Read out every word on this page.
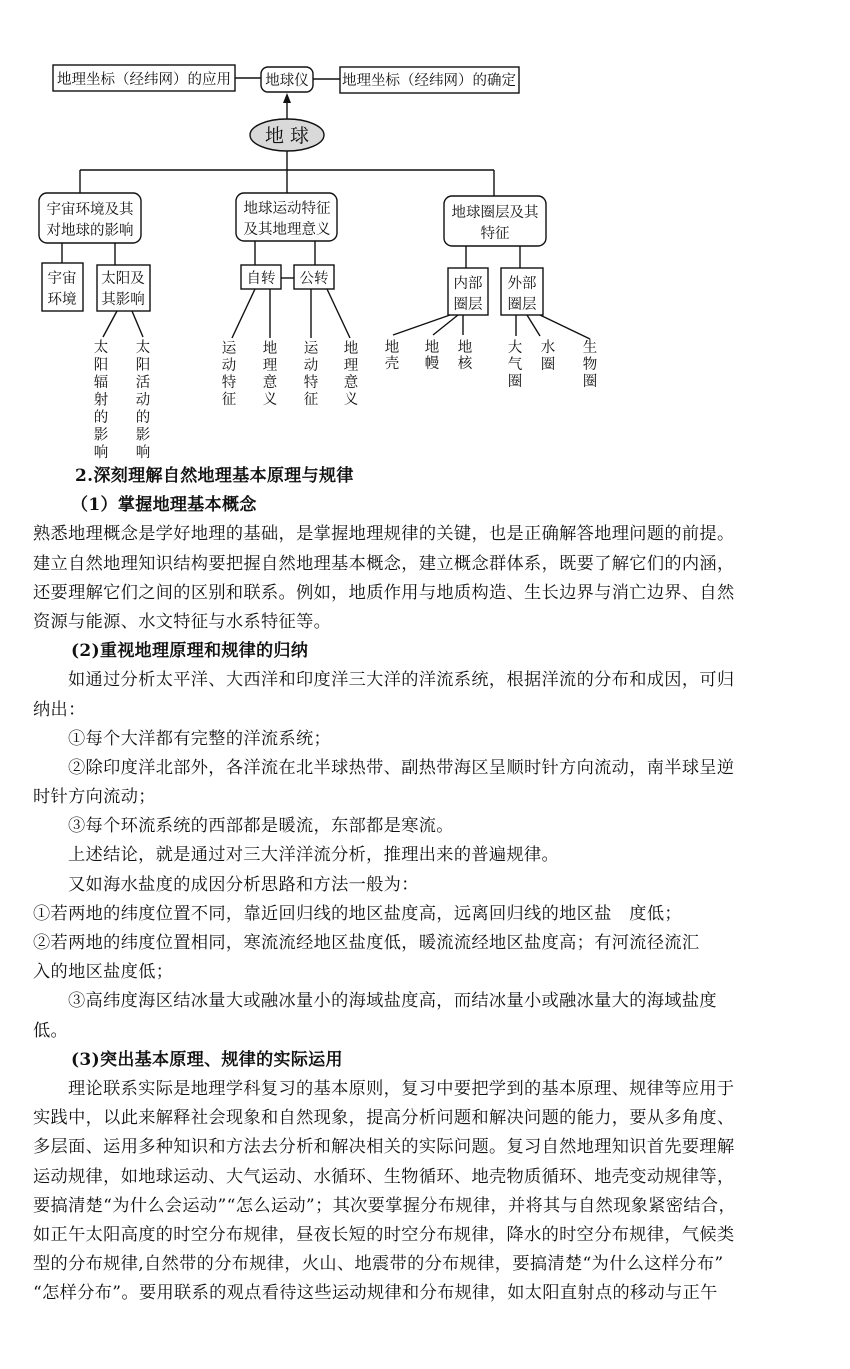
地理坐标（经纬网）的应用 地球仪 地理坐标（经纬网）的确定
地 球
宇宙环境及其
对地球的影响
地球运动特征
及其地理意义
地球圈层及其
特征
宇宙
环境
太阳及
其影响
自转 公转	内部
圈层
外部
圈层
太阳辐射的影响
太阳活动的影响
运动特征
地理意义
运动特征
地理意义
地壳
地幔
地核
大气圈
水圈
生物圈
2.深刻理解自然地理基本原理与规律
（1）掌握地理基本概念
熟悉地理概念是学好地理的基础，是掌握地理规律的关键，也是正确解答地理问题的前提。
建立自然地理知识结构要把握自然地理基本概念，建立概念群体系，既要了解它们的内涵，
还要理解它们之间的区别和联系。例如，地质作用与地质构造、生长边界与消亡边界、自然
资源与能源、水文特征与水系特征等。
(2)重视地理原理和规律的归纳
如通过分析太平洋、大西洋和印度洋三大洋的洋流系统，根据洋流的分布和成因，可归
纳出：
①每个大洋都有完整的洋流系统；
②除印度洋北部外，各洋流在北半球热带、副热带海区呈顺时针方向流动，南半球呈逆
时针方向流动；
③每个环流系统的西部都是暖流，东部都是寒流。
上述结论，就是通过对三大洋洋流分析，推理出来的普遍规律。
又如海水盐度的成因分析思路和方法一般为：
①若两地的纬度位置不同，靠近回归线的地区盐度高，远离回归线的地区盐　度低；
②若两地的纬度位置相同，寒流流经地区盐度低，暖流流经地区盐度高；有河流径流汇
入的地区盐度低；
③高纬度海区结冰量大或融冰量小的海域盐度高，而结冰量小或融冰量大的海域盐度
低。
(3)突出基本原理、规律的实际运用
理论联系实际是地理学科复习的基本原则，复习中要把学到的基本原理、规律等应用于
实践中，以此来解释社会现象和自然现象，提高分析问题和解决问题的能力，要从多角度、
多层面、运用多种知识和方法去分析和解决相关的实际问题。复习自然地理知识首先要理解
运动规律，如地球运动、大气运动、水循环、生物循环、地壳物质循环、地壳变动规律等，
要搞清楚“为什么会运动”“怎么运动”；其次要掌握分布规律，并将其与自然现象紧密结合，
如正午太阳高度的时空分布规律，昼夜长短的时空分布规律，降水的时空分布规律，气候类
型的分布规律,自然带的分布规律，火山、地震带的分布规律，要搞清楚“为什么这样分布”
“怎样分布”。要用联系的观点看待这些运动规律和分布规律，如太阳直射点的移动与正午
